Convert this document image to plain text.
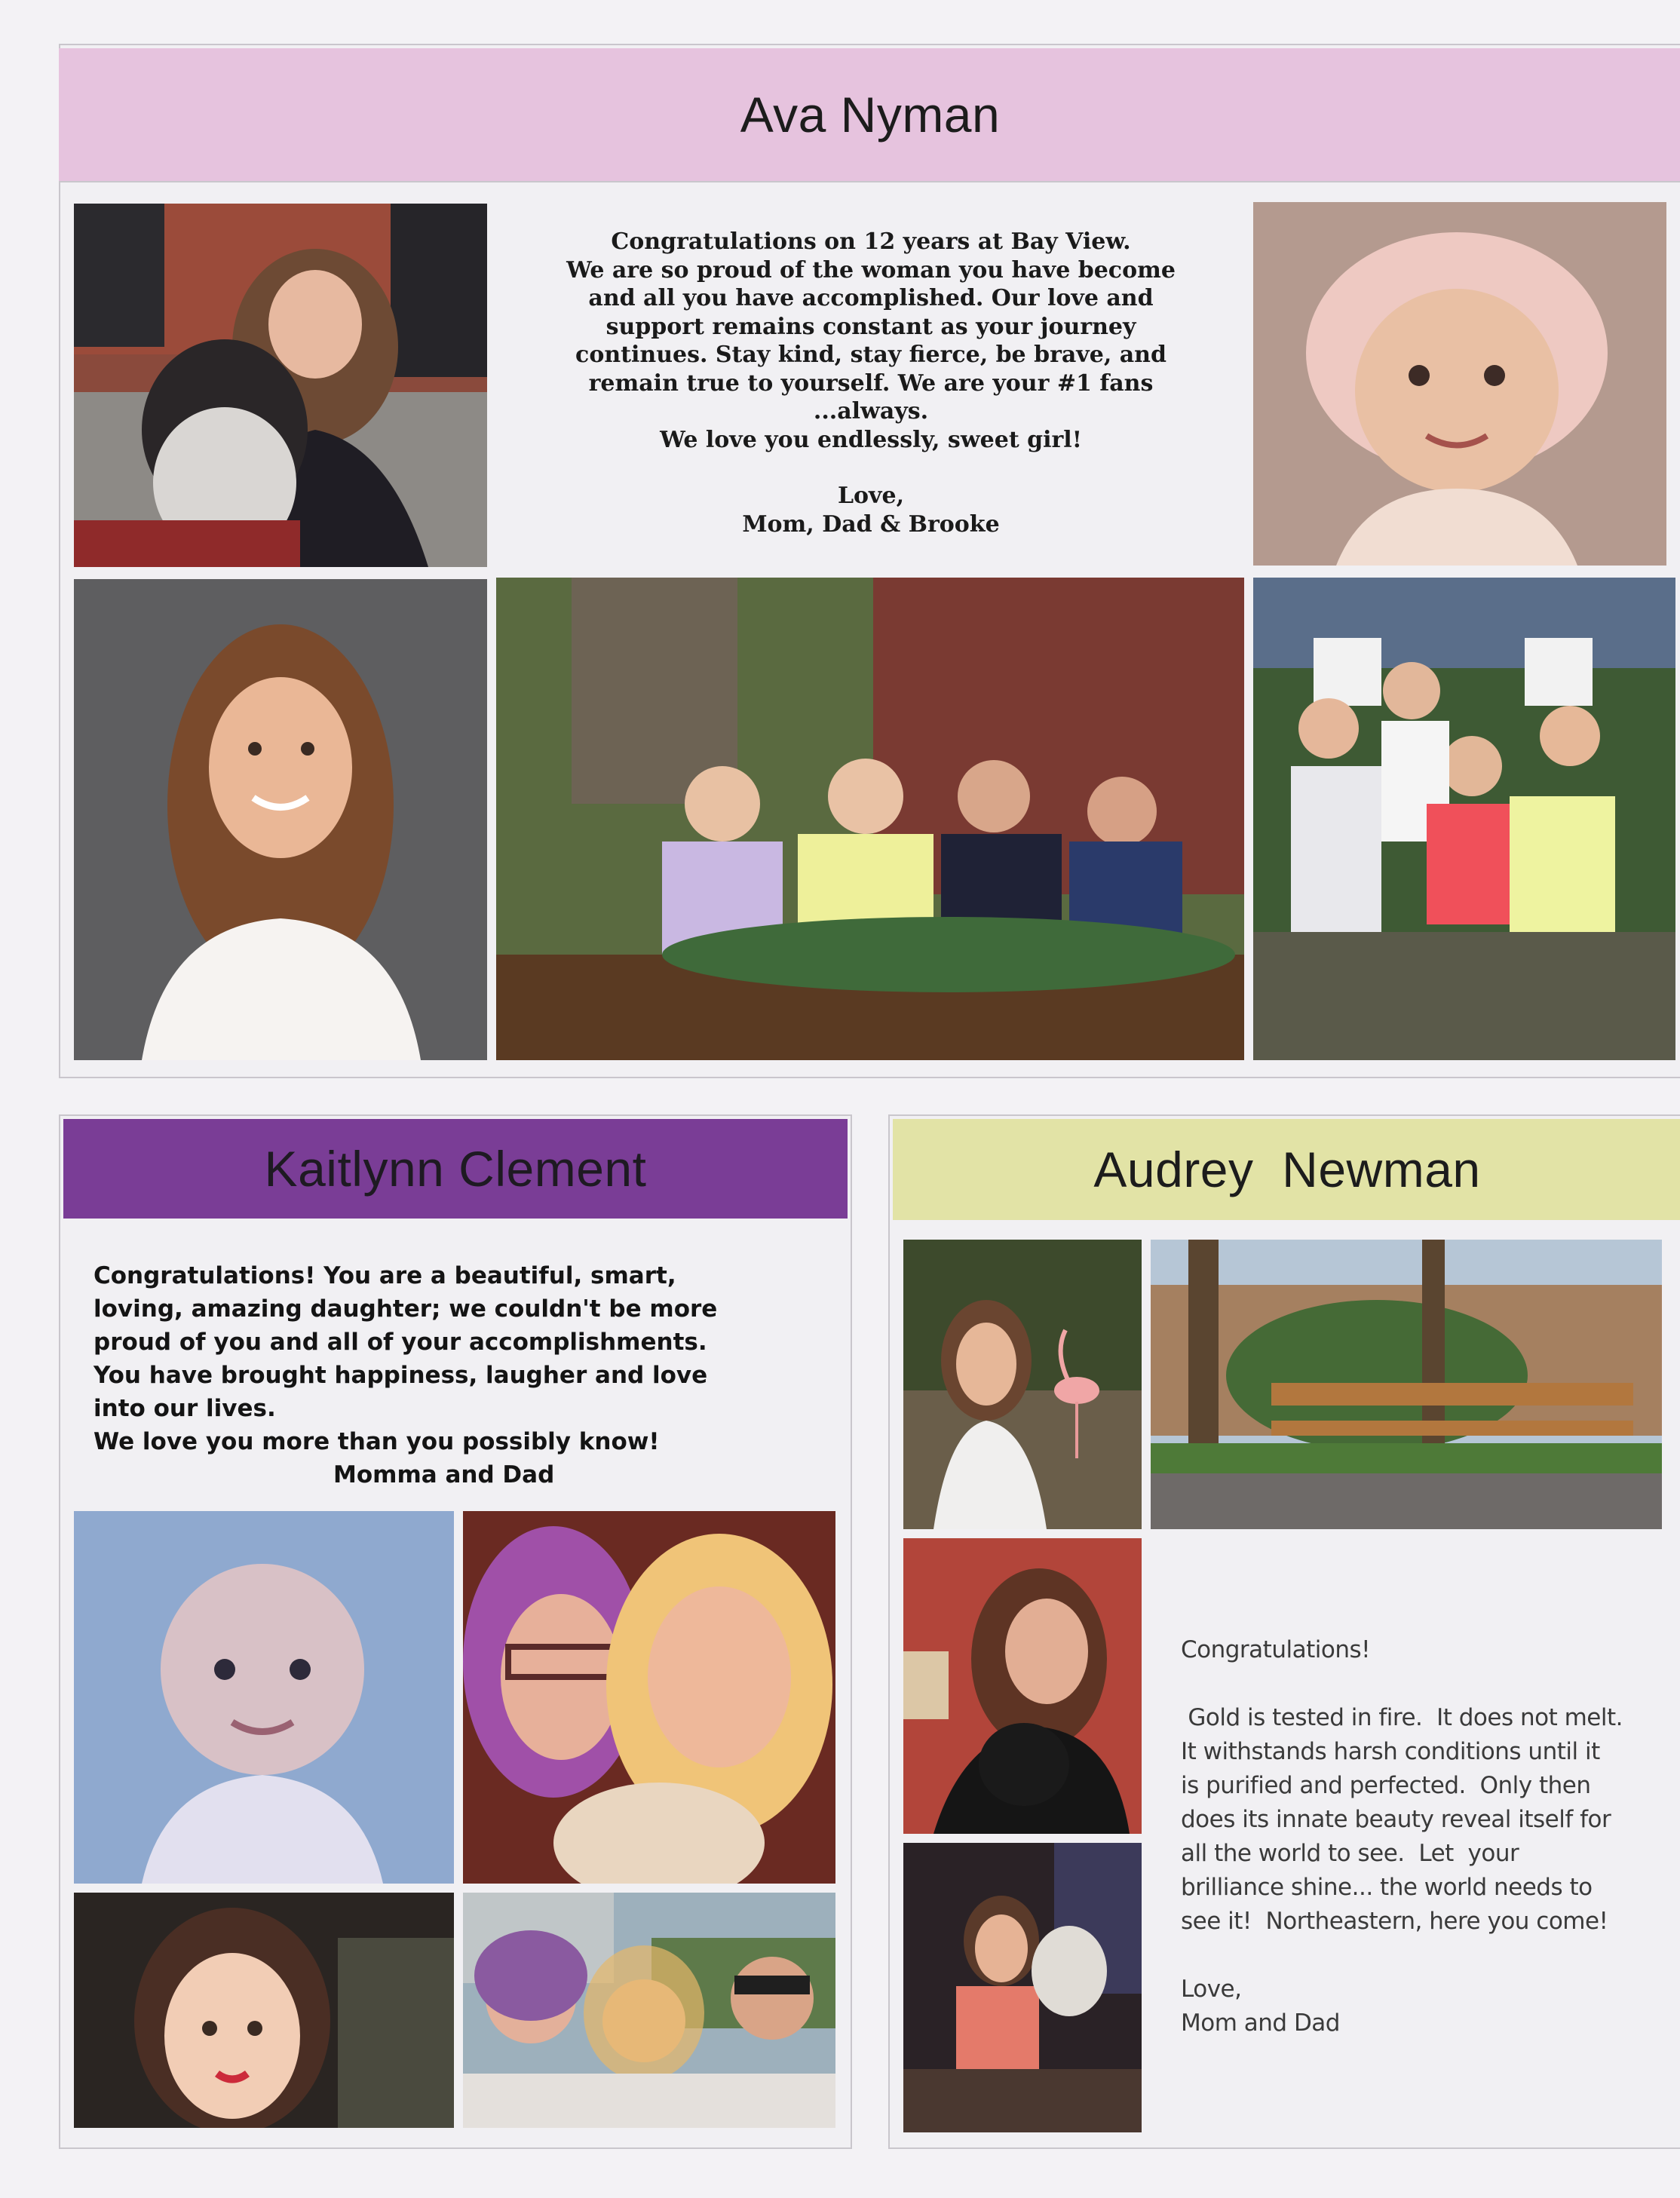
Ava Nyman

Congratulations on 12 years at Bay View.

We are so proud of the woman you have become

and all you have accomplished. Our love and

support remains constant as your journey

continues. Stay kind, stay fierce, be brave, and

remain true to yourself. We are your #1 fans

...always.

We love you endlessly, sweet girl!

Love,

Mom, Dad & Brooke

Kaitlynn Clement

Congratulations! You are a beautiful, smart,

loving, amazing daughter; we couldn't be more

proud of you and all of your accomplishments.

You have brought happiness, laugher and love

into our lives.

We love you more than you possibly know!

Momma and Dad

Audrey  Newman

Congratulations!

Gold is tested in fire.  It does not melt.

It withstands harsh conditions until it

is purified and perfected.  Only then

does its innate beauty reveal itself for

all the world to see.  Let  your

brilliance shine... the world needs to

see it!  Northeastern, here you come!

Love,

Mom and Dad
